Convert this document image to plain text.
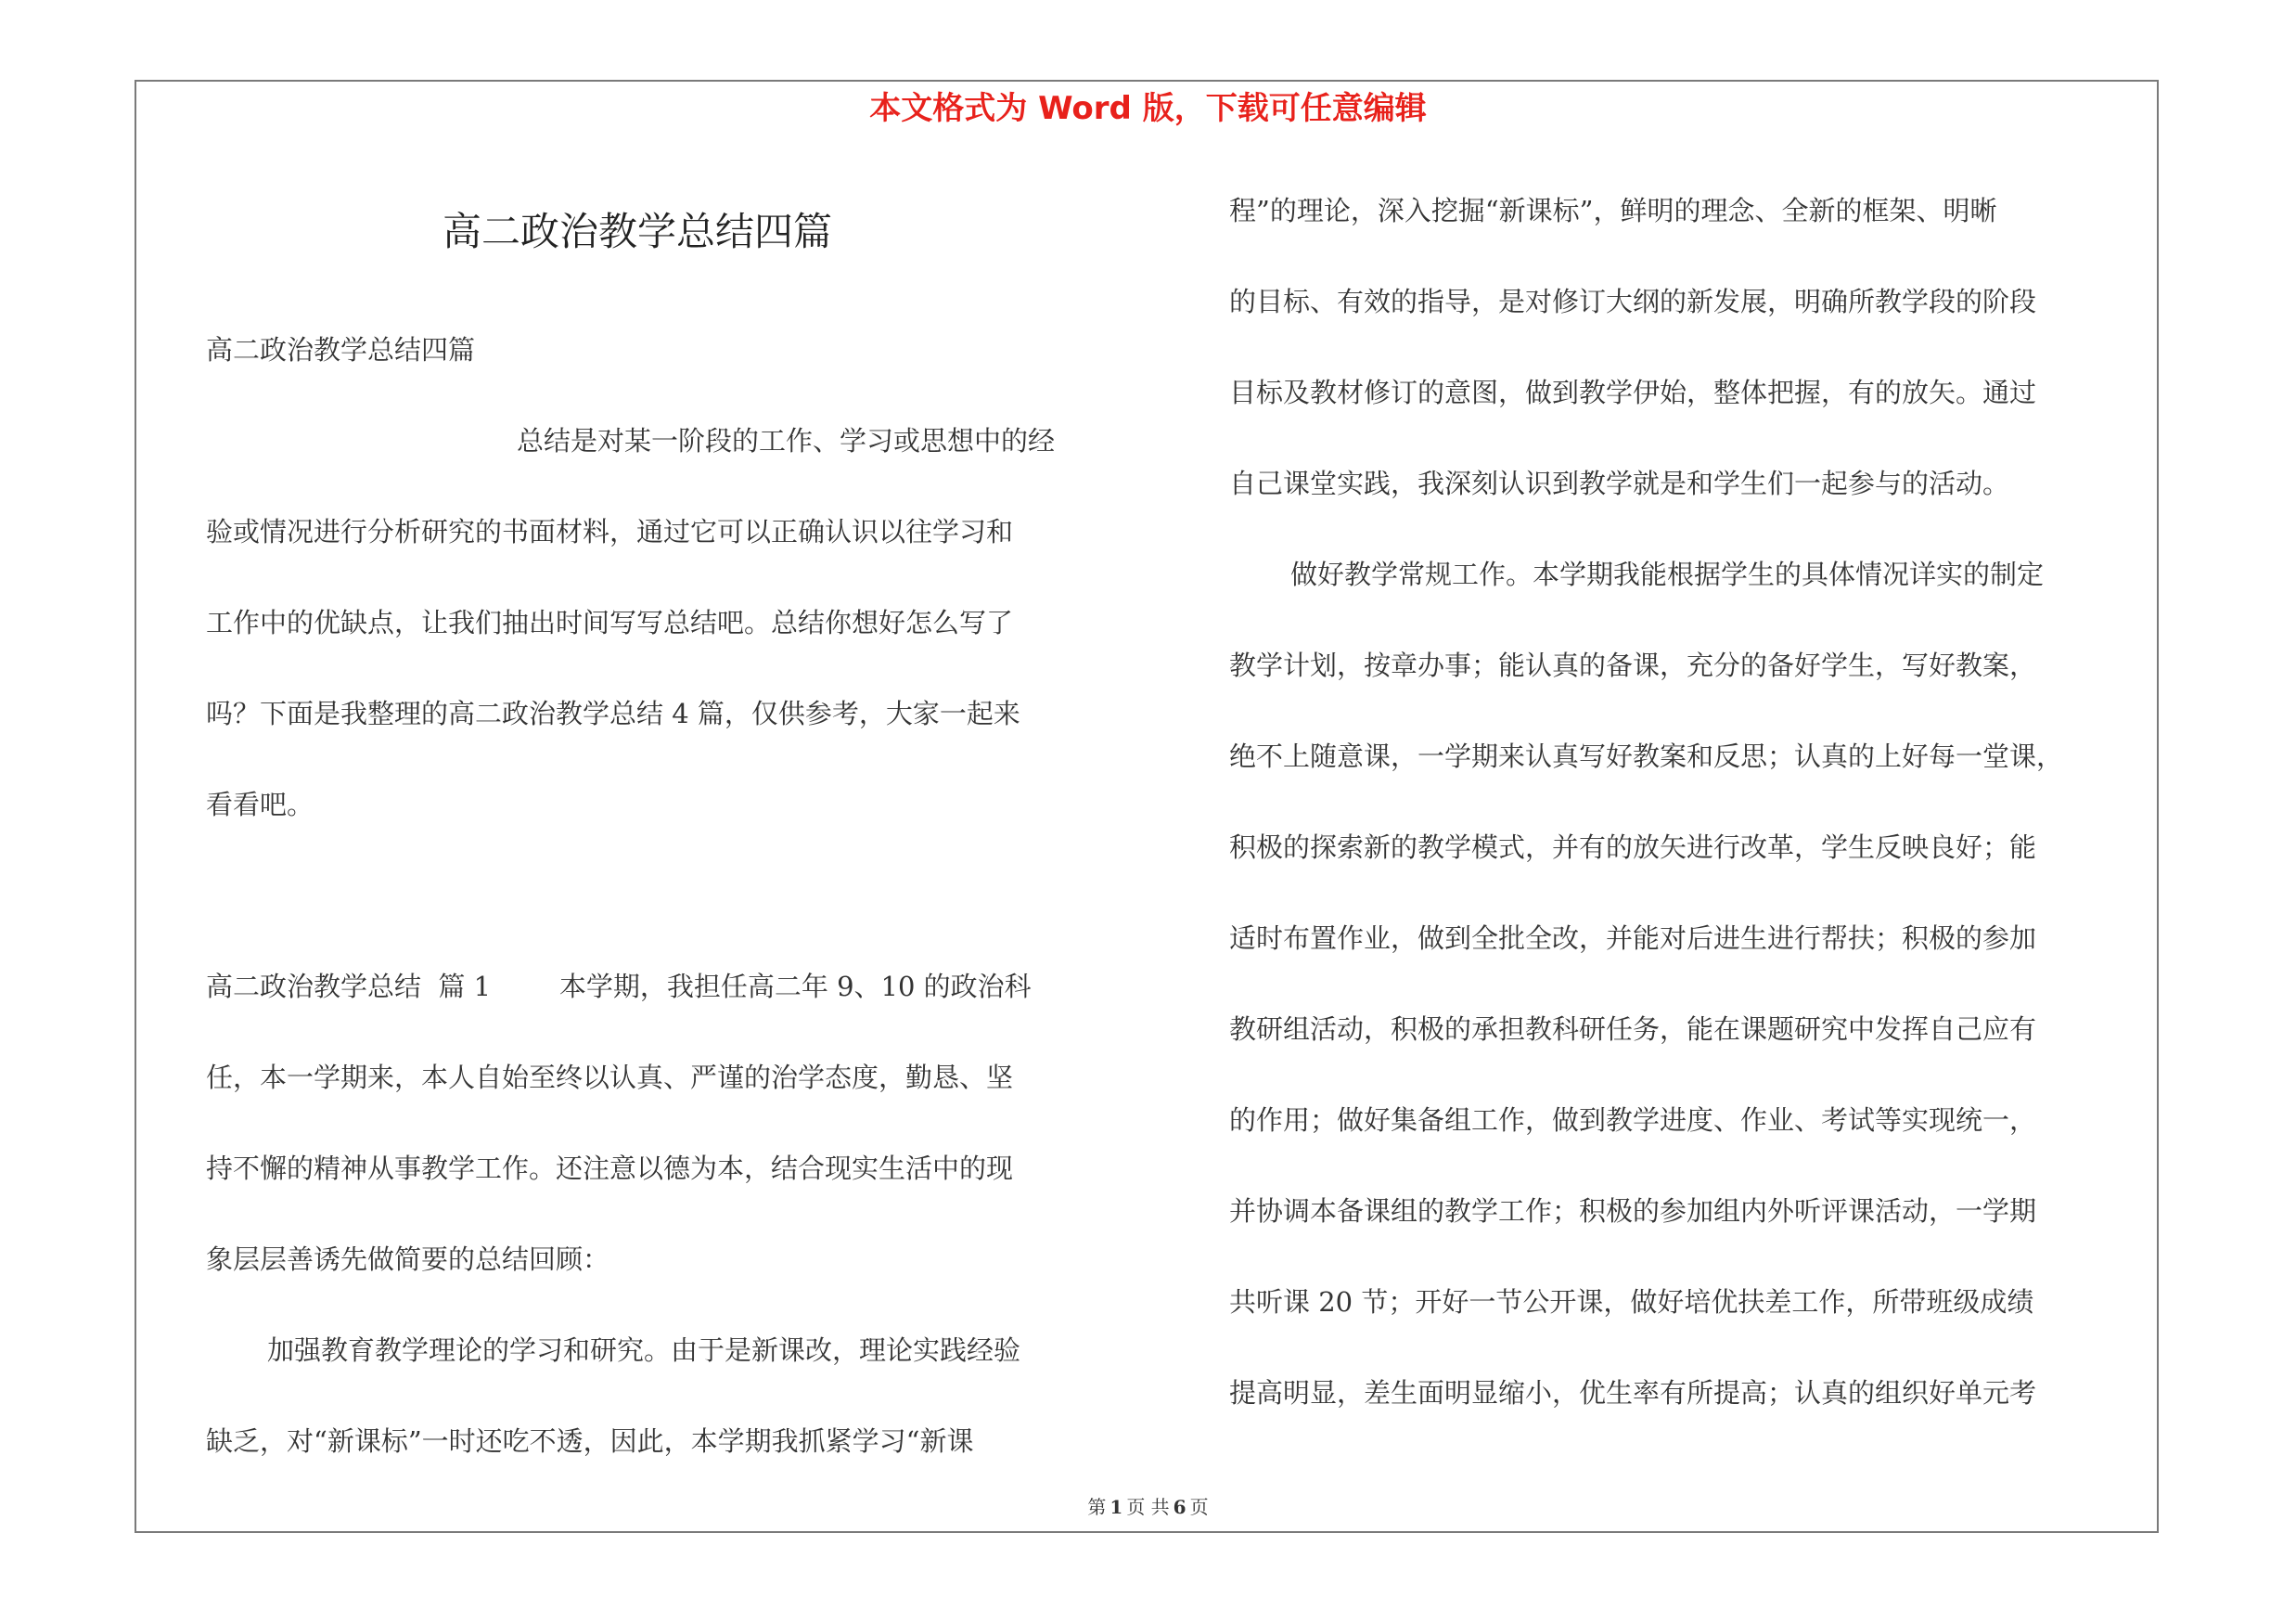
本文格式为 Word 版，下载可任意编辑
高二政治教学总结四篇
高二政治教学总结四篇
总结是对某一阶段的工作、学习或思想中的经
验或情况进行分析研究的书面材料，通过它可以正确认识以往学习和
工作中的优缺点，让我们抽出时间写写总结吧。总结你想好怎么写了
吗？下面是我整理的高二政治教学总结 4 篇，仅供参考，大家一起来
看看吧。
高二政治教学总结  篇 1        本学期，我担任高二年 9、10 的政治科
任，本一学期来，本人自始至终以认真、严谨的治学态度，勤恳、坚
持不懈的精神从事教学工作。还注意以德为本，结合现实生活中的现
象层层善诱先做简要的总结回顾：
加强教育教学理论的学习和研究。由于是新课改，理论实践经验
缺乏，对“新课标”一时还吃不透，因此，本学期我抓紧学习“新课
程”的理论，深入挖掘“新课标”，鲜明的理念、全新的框架、明晰
的目标、有效的指导，是对修订大纲的新发展，明确所教学段的阶段
目标及教材修订的意图，做到教学伊始，整体把握，有的放矢。通过
自己课堂实践，我深刻认识到教学就是和学生们一起参与的活动。
做好教学常规工作。本学期我能根据学生的具体情况详实的制定
教学计划，按章办事；能认真的备课，充分的备好学生，写好教案，
绝不上随意课，一学期来认真写好教案和反思；认真的上好每一堂课，
积极的探索新的教学模式，并有的放矢进行改革，学生反映良好；能
适时布置作业，做到全批全改，并能对后进生进行帮扶；积极的参加
教研组活动，积极的承担教科研任务，能在课题研究中发挥自己应有
的作用；做好集备组工作，做到教学进度、作业、考试等实现统一，
并协调本备课组的教学工作；积极的参加组内外听评课活动，一学期
共听课 20 节；开好一节公开课，做好培优扶差工作，所带班级成绩
提高明显，差生面明显缩小，优生率有所提高；认真的组织好单元考
第 1 页 共 6 页
